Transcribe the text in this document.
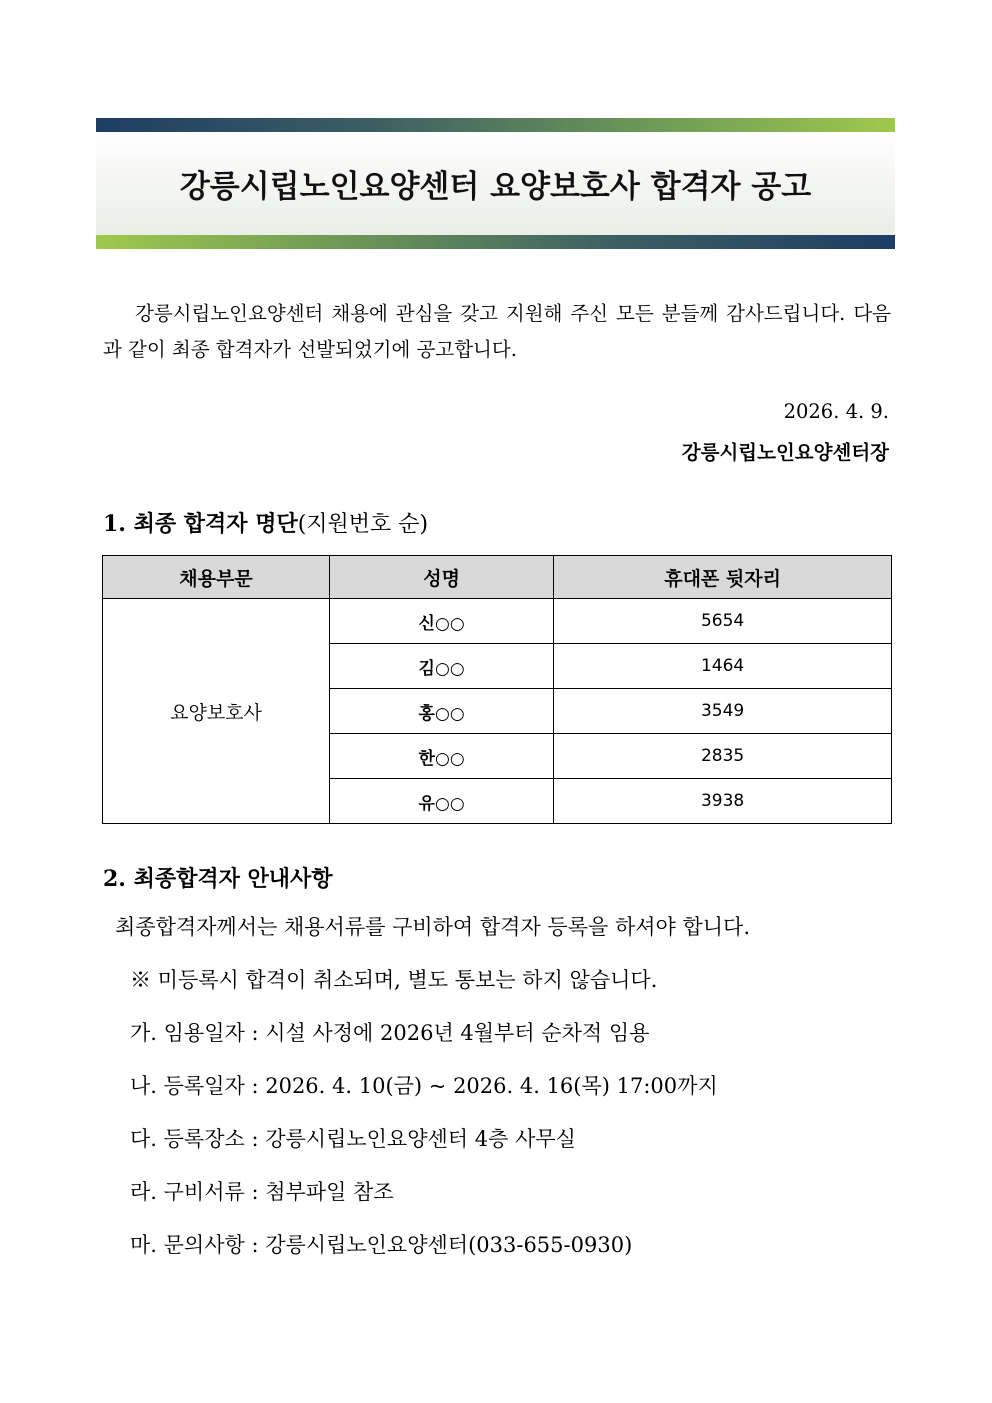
강릉시립노인요양센터 요양보호사 합격자 공고
강릉시립노인요양센터 채용에 관심을 갖고 지원해 주신 모든 분들께 감사드립니다. 다음과 같이 최종 합격자가 선발되었기에 공고합니다.
2026. 4. 9.
강릉시립노인요양센터장
1. 최종 합격자 명단(지원번호 순)
채용부문	성명	휴대폰 뒷자리
요양보호사	신○○	5654
	김○○	1464
	홍○○	3549
	한○○	2835
	유○○	3938
2. 최종합격자 안내사항
최종합격자께서는 채용서류를 구비하여 합격자 등록을 하셔야 합니다.
※ 미등록시 합격이 취소되며, 별도 통보는 하지 않습니다.
가. 임용일자 : 시설 사정에 2026년 4월부터 순차적 임용
나. 등록일자 : 2026. 4. 10(금) ~ 2026. 4. 16(목) 17:00까지
다. 등록장소 : 강릉시립노인요양센터 4층 사무실
라. 구비서류 : 첨부파일 참조
마. 문의사항 : 강릉시립노인요양센터(033-655-0930)
